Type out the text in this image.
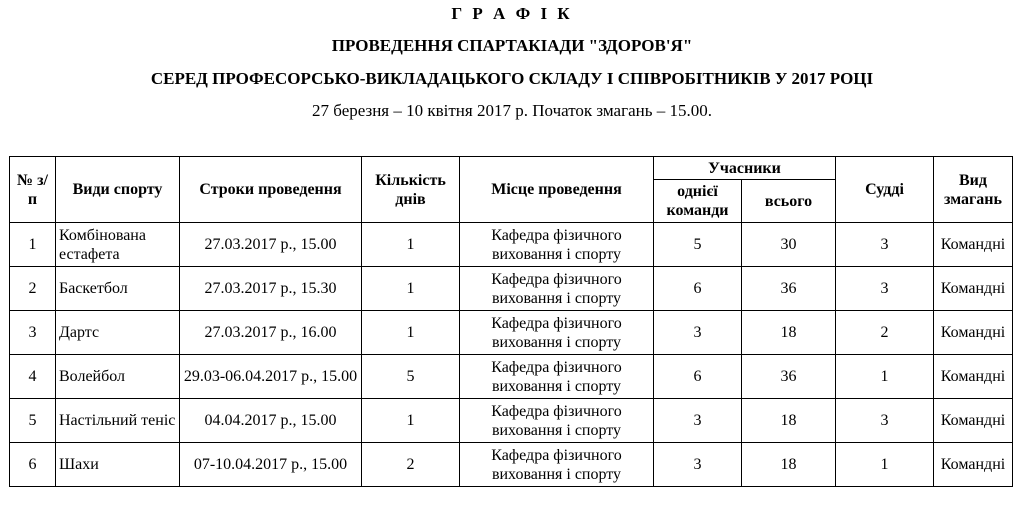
Г Р А Ф І К
ПРОВЕДЕННЯ СПАРТАКІАДИ "ЗДОРОВ'Я"
СЕРЕД ПРОФЕСОРСЬКО-ВИКЛАДАЦЬКОГО СКЛАДУ І СПІВРОБІТНИКІВ У 2017 РОЦІ
27 березня – 10 квітня 2017 р. Початок змагань – 15.00.
№ з/п	Види спорту	Строки проведення	Кількість днів	Місце проведення	Учасники		Судді	Вид змагань
					однієї команди	всього		
1	Комбінована естафета	27.03.2017 р., 15.00	1	Кафедра фізичного виховання і спорту	5	30	3	Командні
2	Баскетбол	27.03.2017 р., 15.30	1	Кафедра фізичного виховання і спорту	6	36	3	Командні
3	Дартс	27.03.2017 р., 16.00	1	Кафедра фізичного виховання і спорту	3	18	2	Командні
4	Волейбол	29.03-06.04.2017 р., 15.00	5	Кафедра фізичного виховання і спорту	6	36	1	Командні
5	Настільний теніс	04.04.2017 р., 15.00	1	Кафедра фізичного виховання і спорту	3	18	3	Командні
6	Шахи	07-10.04.2017 р., 15.00	2	Кафедра фізичного виховання і спорту	3	18	1	Командні
